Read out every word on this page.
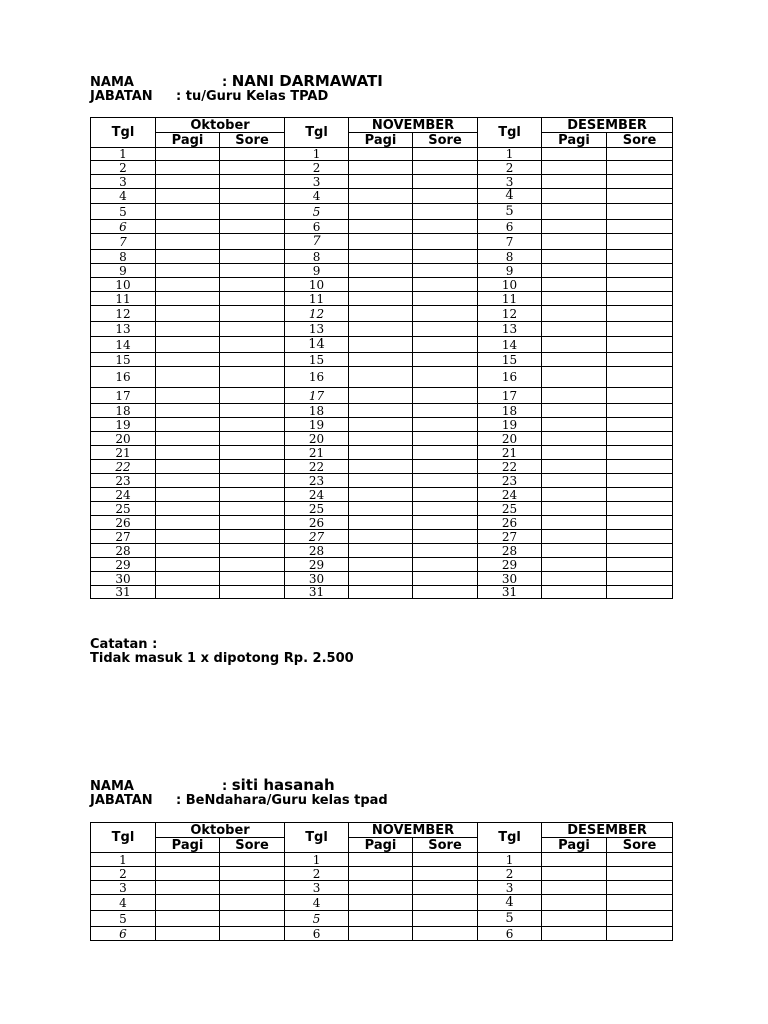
NAMA	: NANI DARMAWATI
JABATAN : tu/Guru Kelas TPAD
Tgl	Oktober		Tgl	NOVEMBER		Tgl	DESEMBER	
	Pagi	Sore		Pagi	Sore		Pagi	Sore
1			1			1		
2			2			2		
3			3			3		
4			4			4		
5			5			5		
6			6			6		
7			7			7		
8			8			8		
9			9			9		
10			10			10		
11			11			11		
12			12			12		
13			13			13		
14			14			14		
15			15			15		
16			16			16		
17			17			17		
18			18			18		
19			19			19		
20			20			20		
21			21			21		
22			22			22		
23			23			23		
24			24			24		
25			25			25		
26			26			26		
27			27			27		
28			28			28		
29			29			29		
30			30			30		
31			31			31		
Catatan :
Tidak masuk 1 x dipotong Rp. 2.500
NAMA	: siti hasanah
JABATAN : BeNdahara/Guru kelas tpad
Tgl	Oktober		Tgl	NOVEMBER		Tgl	DESEMBER	
	Pagi	Sore		Pagi	Sore		Pagi	Sore
1			1			1		
2			2			2		
3			3			3		
4			4			4		
5			5			5		
6			6			6		
